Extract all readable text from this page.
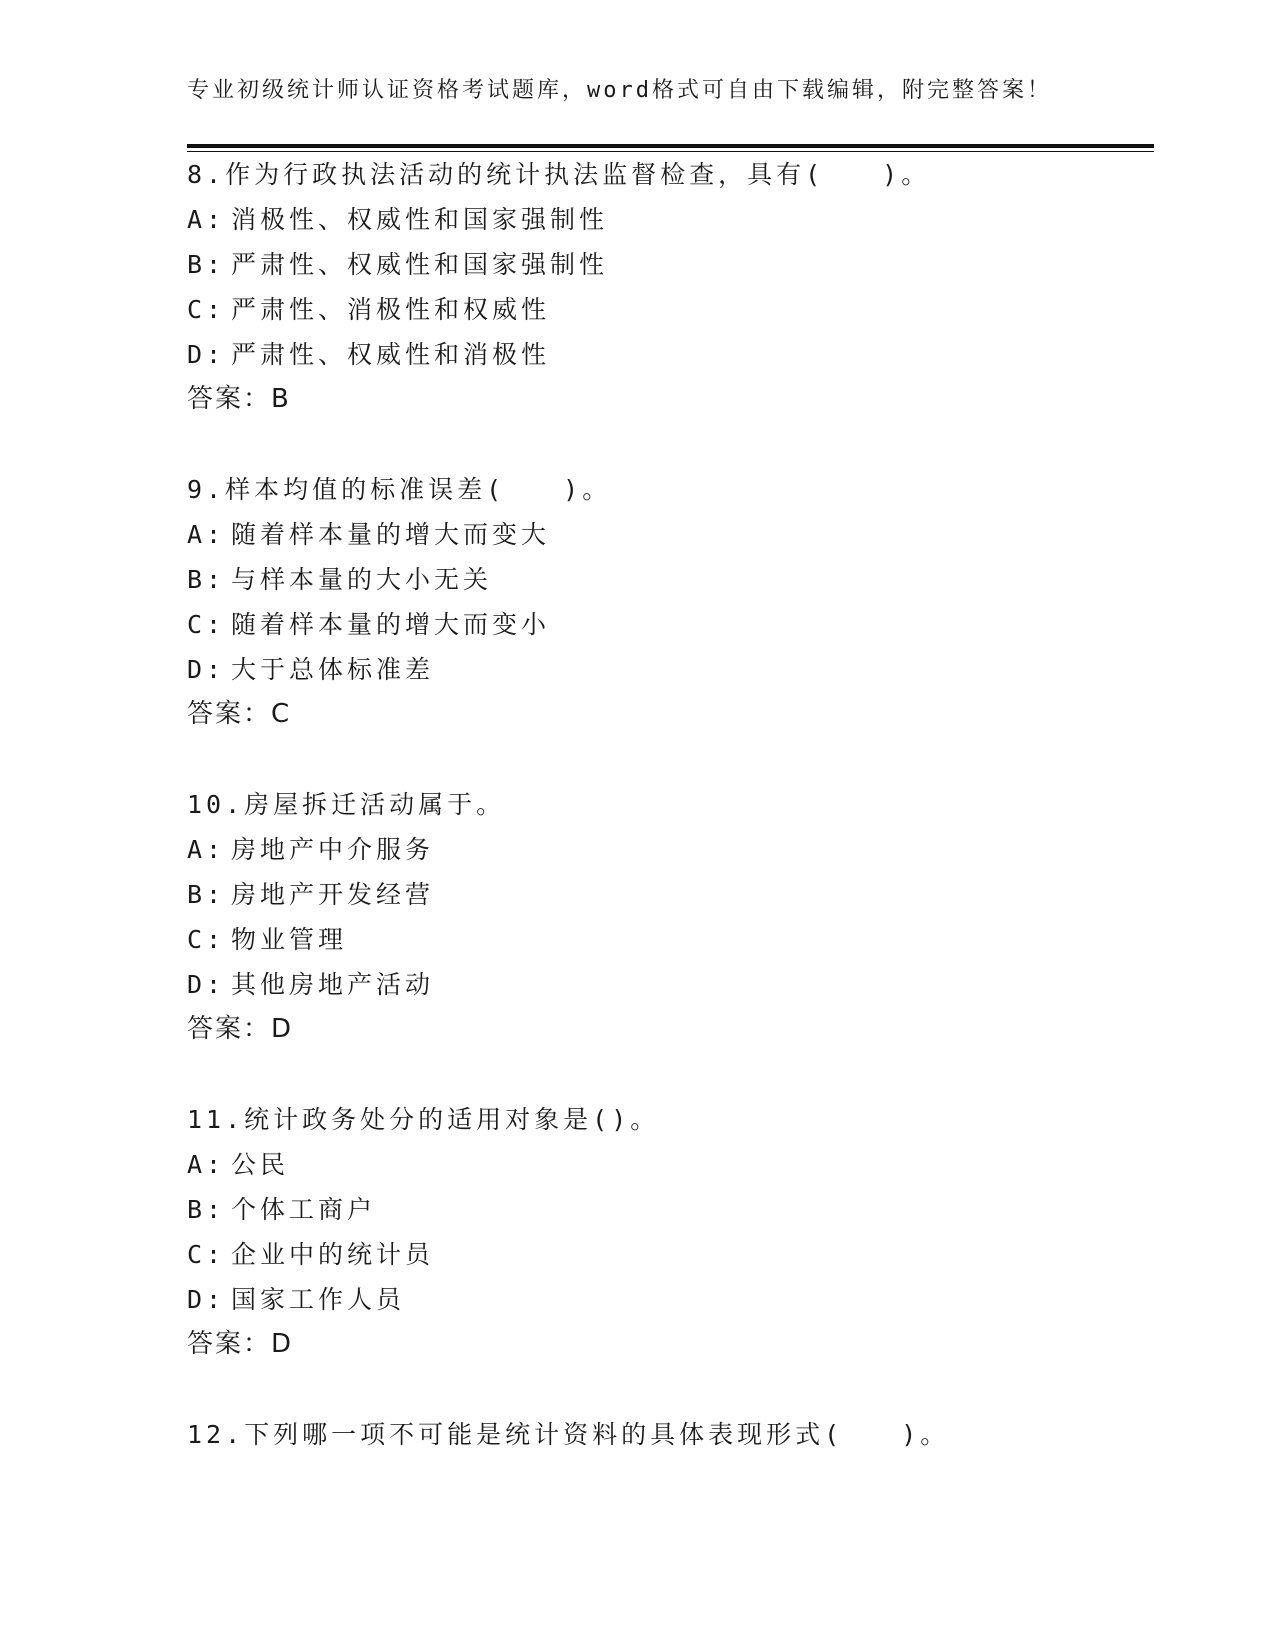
专业初级统计师认证资格考试题库，word格式可自由下载编辑，附完整答案！
8.作为行政执法活动的统计执法监督检查，具有(　　)。
A: 消极性、权威性和国家强制性
B: 严肃性、权威性和国家强制性
C: 严肃性、消极性和权威性
D: 严肃性、权威性和消极性
答案：B
9.样本均值的标准误差(　　)。
A: 随着样本量的增大而变大
B: 与样本量的大小无关
C: 随着样本量的增大而变小
D: 大于总体标准差
答案：C
10.房屋拆迁活动属于。
A: 房地产中介服务
B: 房地产开发经营
C: 物业管理
D: 其他房地产活动
答案：D
11.统计政务处分的适用对象是()。
A: 公民
B: 个体工商户
C: 企业中的统计员
D: 国家工作人员
答案：D
12.下列哪一项不可能是统计资料的具体表现形式(　　)。
